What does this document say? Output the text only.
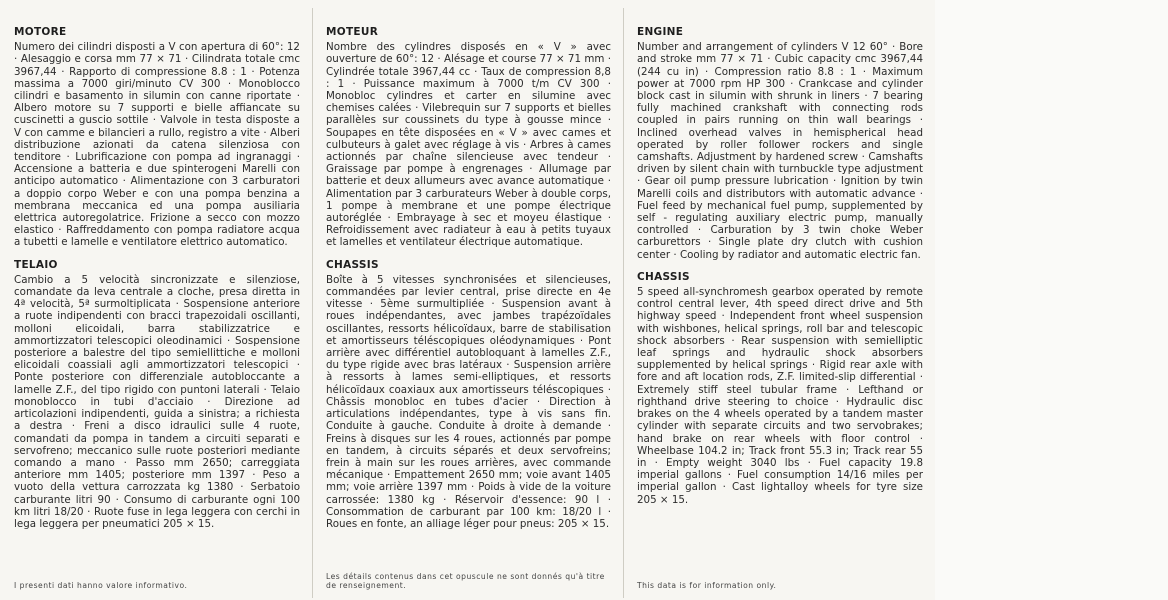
MOTORE

Numero dei cilindri disposti a V con apertura di 60°: 12 · Alesaggio e corsa mm 77 × 71 · Cilindrata totale cmc 3967,44 · Rapporto di compressione 8.8 : 1 · Potenza massima a 7000 giri/minuto CV 300 · Monoblocco cilindri e basamento in silumin con canne riportate · Albero motore su 7 supporti e bielle affiancate su cuscinetti a guscio sottile · Valvole in testa disposte a V con camme e bilancieri a rullo, registro a vite · Alberi distribuzione azionati da catena silenziosa con tenditore · Lubrificazione con pompa ad ingranaggi · Accensione a batteria e due spinterogeni Marelli con anticipo automatico · Alimentazione con 3 carburatori a doppio corpo Weber e con una pompa benzina a membrana meccanica ed una pompa ausiliaria elettrica autoregolatrice. Frizione a secco con mozzo elastico · Raffreddamento con pompa radiatore acqua a tubetti e lamelle e ventilatore elettrico automatico.

TELAIO

Cambio a 5 velocità sincronizzate e silenziose, comandate da leva centrale a cloche, presa diretta in 4ª velocità, 5ª surmoltiplicata · Sospensione anteriore a ruote indipendenti con bracci trapezoidali oscillanti, molloni elicoidali, barra stabilizzatrice e ammortizzatori telescopici oleodinamici · Sospensione posteriore a balestre del tipo semiellittiche e molloni elicoidali coassiali agli ammortizzatori telescopici · Ponte posteriore con differenziale autobloccante a lamelle Z.F., del tipo rigido con puntoni laterali · Telaio monoblocco in tubi d'acciaio · Direzione ad articolazioni indipendenti, guida a sinistra; a richiesta a destra · Freni a disco idraulici sulle 4 ruote, comandati da pompa in tandem a circuiti separati e servofreno; meccanico sulle ruote posteriori mediante comando a mano · Passo mm 2650; carreggiata anteriore mm 1405; posteriore mm 1397 · Peso a vuoto della vettura carrozzata kg 1380 · Serbatoio carburante litri 90 · Consumo di carburante ogni 100 km litri 18/20 · Ruote fuse in lega leggera con cerchi in lega leggera per pneumatici 205 × 15.

I presenti dati hanno valore informativo.
MOTEUR

Nombre des cylindres disposés en « V » avec ouverture de 60°: 12 · Alésage et course 77 × 71 mm · Cylindrée totale 3967,44 cc · Taux de compression 8,8 : 1 · Puissance maximum à 7000 t/m CV 300 · Monobloc cylindres et carter en silumine avec chemises calées · Vilebrequin sur 7 supports et bielles parallèles sur coussinets du type à gousse mince · Soupapes en tête disposées en « V » avec cames et culbuteurs à galet avec réglage à vis · Arbres à cames actionnés par chaîne silencieuse avec tendeur · Graissage par pompe à engrenages · Allumage par batterie et deux allumeurs avec avance automatique · Alimentation par 3 carburateurs Weber à double corps, 1 pompe à membrane et une pompe électrique autoréglée · Embrayage à sec et moyeu élastique · Refroidissement avec radiateur à eau à petits tuyaux et lamelles et ventilateur électrique automatique.

CHASSIS

Boîte à 5 vitesses synchronisées et silencieuses, commandées par levier central, prise directe en 4e vitesse · 5ème surmultipliée · Suspension avant à roues indépendantes, avec jambes trapézoïdales oscillantes, ressorts hélicoïdaux, barre de stabilisation et amortisseurs téléscopiques oléodynamiques · Pont arrière avec différentiel autobloquant à lamelles Z.F., du type rigide avec bras latéraux · Suspension arrière à ressorts à lames semi-elliptiques, et ressorts hélicoïdaux coaxiaux aux amortisseurs téléscopiques · Châssis monobloc en tubes d'acier · Direction à articulations indépendantes, type à vis sans fin. Conduite à gauche. Conduite à droite à demande · Freins à disques sur les 4 roues, actionnés par pompe en tandem, à circuits séparés et deux servofreins; frein à main sur les roues arrières, avec commande mécanique · Empattement 2650 mm; voie avant 1405 mm; voie arrière 1397 mm · Poids à vide de la voiture carrossée: 1380 kg · Réservoir d'essence: 90 l · Consommation de carburant par 100 km: 18/20 l · Roues en fonte, an alliage léger pour pneus: 205 × 15.

Les détails contenus dans cet opuscule ne sont donnés qu'à titre de renseignement.
ENGINE

Number and arrangement of cylinders V 12 60° · Bore and stroke mm 77 × 71 · Cubic capacity cmc 3967,44 (244 cu in) · Compression ratio 8.8 : 1 · Maximum power at 7000 rpm HP 300 · Crankcase and cylinder block cast in silumin with shrunk in liners · 7 bearing fully machined crankshaft with connecting rods coupled in pairs running on thin wall bearings · Inclined overhead valves in hemispherical head operated by roller follower rockers and single camshafts. Adjustment by hardened screw · Camshafts driven by silent chain with turnbuckle type adjustment · Gear oil pump pressure lubrication · Ignition by twin Marelli coils and distributors with automatic advance · Fuel feed by mechanical fuel pump, supplemented by self - regulating auxiliary electric pump, manually controlled · Carburation by 3 twin choke Weber carburettors · Single plate dry clutch with cushion center · Cooling by radiator and automatic electric fan.

CHASSIS

5 speed all-synchromesh gearbox operated by remote control central lever, 4th speed direct drive and 5th highway speed · Independent front wheel suspension with wishbones, helical springs, roll bar and telescopic shock absorbers · Rear suspension with semielliptic leaf springs and hydraulic shock absorbers supplemented by helical springs · Rigid rear axle with fore and aft location rods, Z.F. limited-slip differential · Extremely stiff steel tubular frame · Lefthand or righthand drive steering to choice · Hydraulic disc brakes on the 4 wheels operated by a tandem master cylinder with separate circuits and two servobrakes; hand brake on rear wheels with floor control · Wheelbase 104.2 in; Track front 55.3 in; Track rear 55 in · Empty weight 3040 lbs · Fuel capacity 19.8 imperial gallons · Fuel consumption 14/16 miles per imperial gallon · Cast lightalloy wheels for tyre size 205 × 15.

This data is for information only.
